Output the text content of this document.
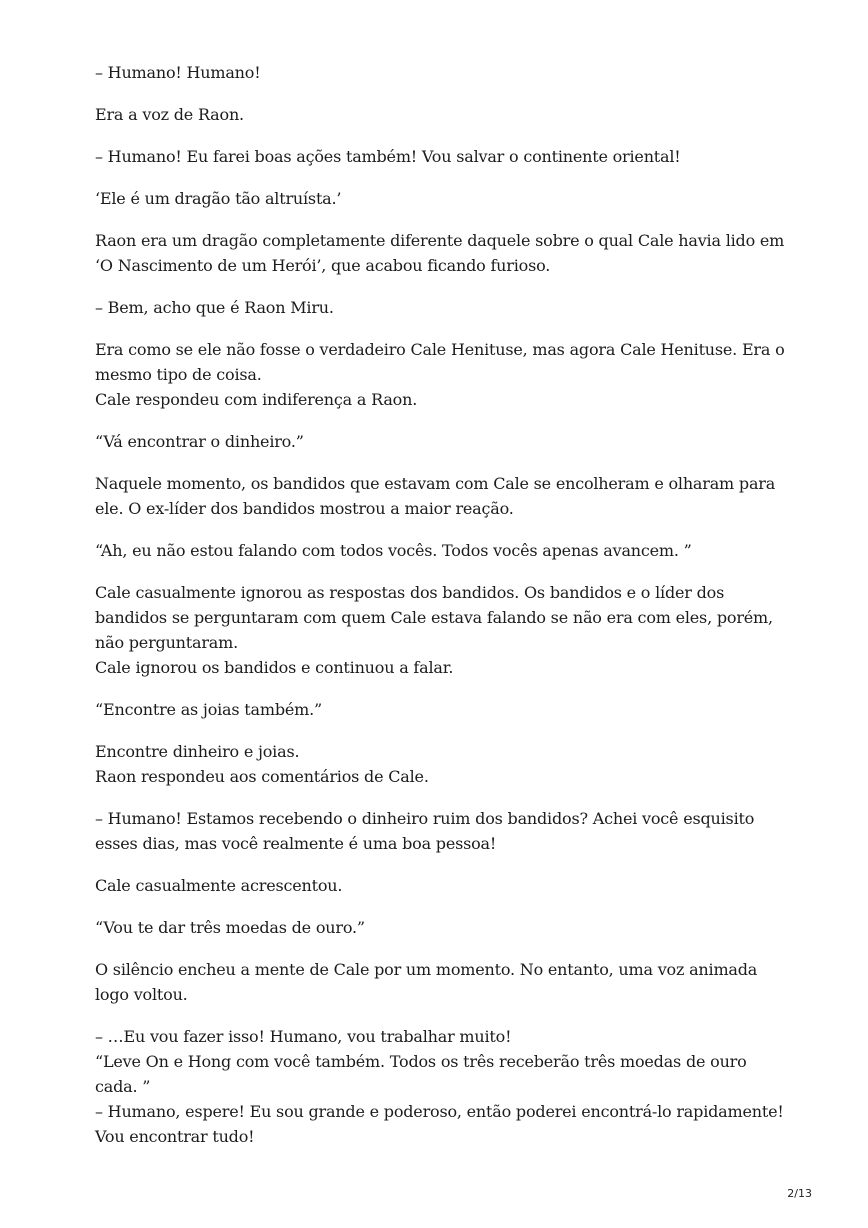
– Humano! Humano!

Era a voz de Raon.

– Humano! Eu farei boas ações também! Vou salvar o continente oriental!

‘Ele é um dragão tão altruísta.’

Raon era um dragão completamente diferente daquele sobre o qual Cale havia lido em ‘O Nascimento de um Herói’, que acabou ficando furioso.

– Bem, acho que é Raon Miru.

Era como se ele não fosse o verdadeiro Cale Henituse, mas agora Cale Henituse. Era o mesmo tipo de coisa.
Cale respondeu com indiferença a Raon.

“Vá encontrar o dinheiro.”

Naquele momento, os bandidos que estavam com Cale se encolheram e olharam para ele. O ex-líder dos bandidos mostrou a maior reação.

“Ah, eu não estou falando com todos vocês. Todos vocês apenas avancem. ”

Cale casualmente ignorou as respostas dos bandidos. Os bandidos e o líder dos bandidos se perguntaram com quem Cale estava falando se não era com eles, porém, não perguntaram.
Cale ignorou os bandidos e continuou a falar.

“Encontre as joias também.”

Encontre dinheiro e joias.
Raon respondeu aos comentários de Cale.

– Humano! Estamos recebendo o dinheiro ruim dos bandidos? Achei você esquisito esses dias, mas você realmente é uma boa pessoa!

Cale casualmente acrescentou.

“Vou te dar três moedas de ouro.”

O silêncio encheu a mente de Cale por um momento. No entanto, uma voz animada logo voltou.

– …Eu vou fazer isso! Humano, vou trabalhar muito!
“Leve On e Hong com você também. Todos os três receberão três moedas de ouro cada. ”
– Humano, espere! Eu sou grande e poderoso, então poderei encontrá-lo rapidamente! Vou encontrar tudo!

2/13
